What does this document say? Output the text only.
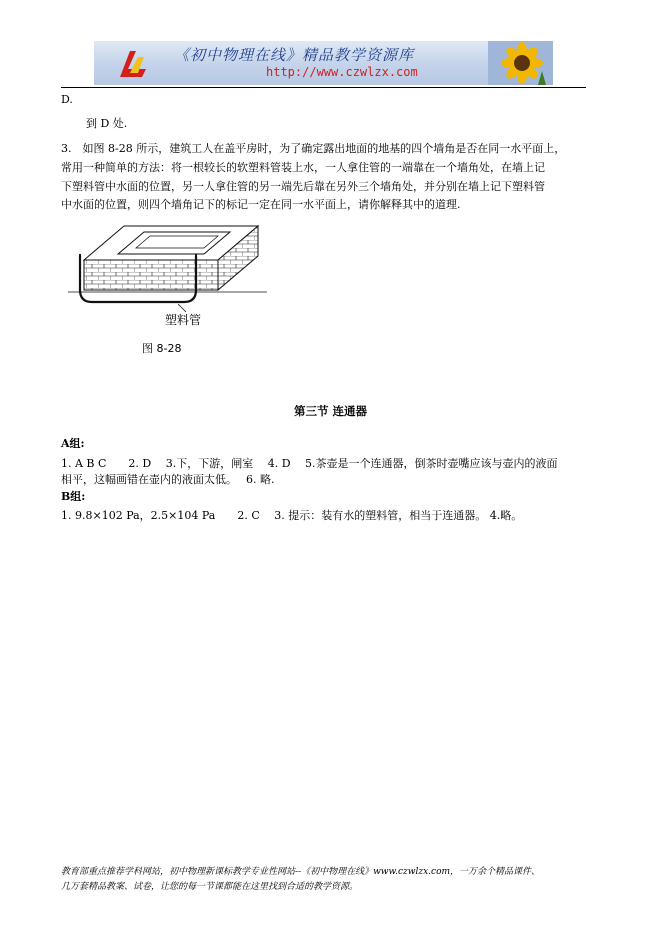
《初中物理在线》精品教学资源库
http://www.czwlzx.com
D.
到 D 处.
3.　如图 8-28 所示，建筑工人在盖平房时，为了确定露出地面的地基的四个墙角是否在同一水平面上，
常用一种简单的方法：将一根较长的软塑料管装上水，一人拿住管的一端靠在一个墙角处，在墙上记
下塑料管中水面的位置，另一人拿住管的另一端先后靠在另外三个墙角处，并分别在墙上记下塑料管
中水面的位置，则四个墙角记下的标记一定在同一水平面上，请你解释其中的道理.
塑料管
图 8-28
第三节 连通器
A组:
1. A B C　　2. D　 3.下，下游，闸室　 4. D　 5.茶壶是一个连通器，倒茶时壶嘴应该与壶内的液面
相平，这幅画错在壶内的液面太低。　 6. 略.
B组:
1. 9.8×102 Pa，2.5×104 Pa　　2. C　 3. 提示：装有水的塑料管，相当于连通器。 4.略。
教育部重点推荐学科网站，初中物理新课标教学专业性网站--《初中物理在线》www.czwlzx.com，一万余个精品课件、
几万套精品教案、试卷，让您的每一节课都能在这里找到合适的教学资源。
